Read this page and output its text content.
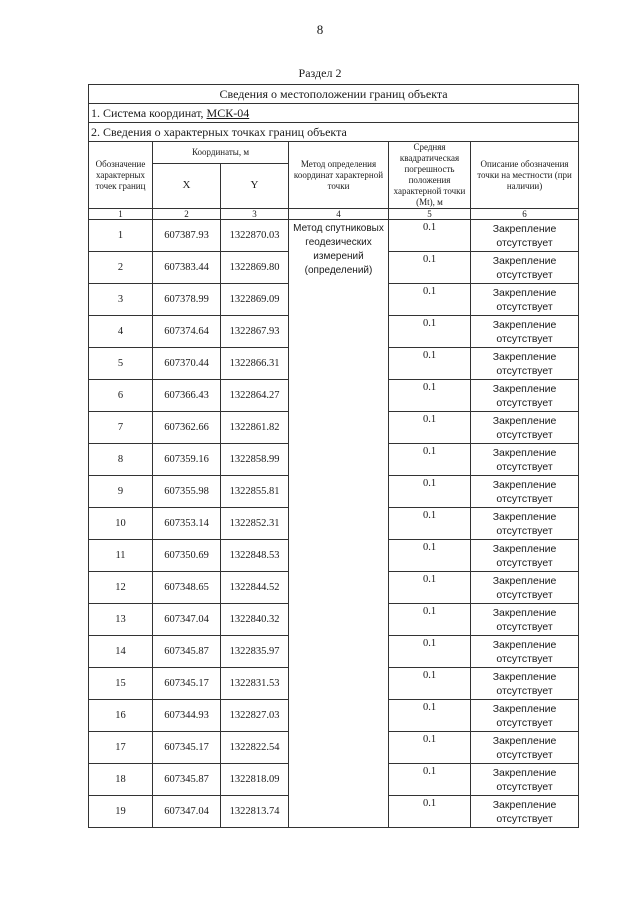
8
Раздел 2
Сведения о местоположении границ объекта					
1. Система координат, МСК-04					
2. Сведения о характерных точках границ объекта					
Обозначение характерных точек границ	Координаты, м		Метод определения координат характерной точки	Средняя квадратическая погрешность положения характерной точки (Mt), м	Описание обозначения точки на местности (при наличии)
	X	Y			
1	2	3	4	5	6
1	607387.93	1322870.03	Метод спутниковых геодезических измерений (определений)	0.1	Закрепление отсутствует
2	607383.44	1322869.80		0.1	Закрепление отсутствует
3	607378.99	1322869.09		0.1	Закрепление отсутствует
4	607374.64	1322867.93		0.1	Закрепление отсутствует
5	607370.44	1322866.31		0.1	Закрепление отсутствует
6	607366.43	1322864.27		0.1	Закрепление отсутствует
7	607362.66	1322861.82		0.1	Закрепление отсутствует
8	607359.16	1322858.99		0.1	Закрепление отсутствует
9	607355.98	1322855.81		0.1	Закрепление отсутствует
10	607353.14	1322852.31		0.1	Закрепление отсутствует
11	607350.69	1322848.53		0.1	Закрепление отсутствует
12	607348.65	1322844.52		0.1	Закрепление отсутствует
13	607347.04	1322840.32		0.1	Закрепление отсутствует
14	607345.87	1322835.97		0.1	Закрепление отсутствует
15	607345.17	1322831.53		0.1	Закрепление отсутствует
16	607344.93	1322827.03		0.1	Закрепление отсутствует
17	607345.17	1322822.54		0.1	Закрепление отсутствует
18	607345.87	1322818.09		0.1	Закрепление отсутствует
19	607347.04	1322813.74		0.1	Закрепление отсутствует
